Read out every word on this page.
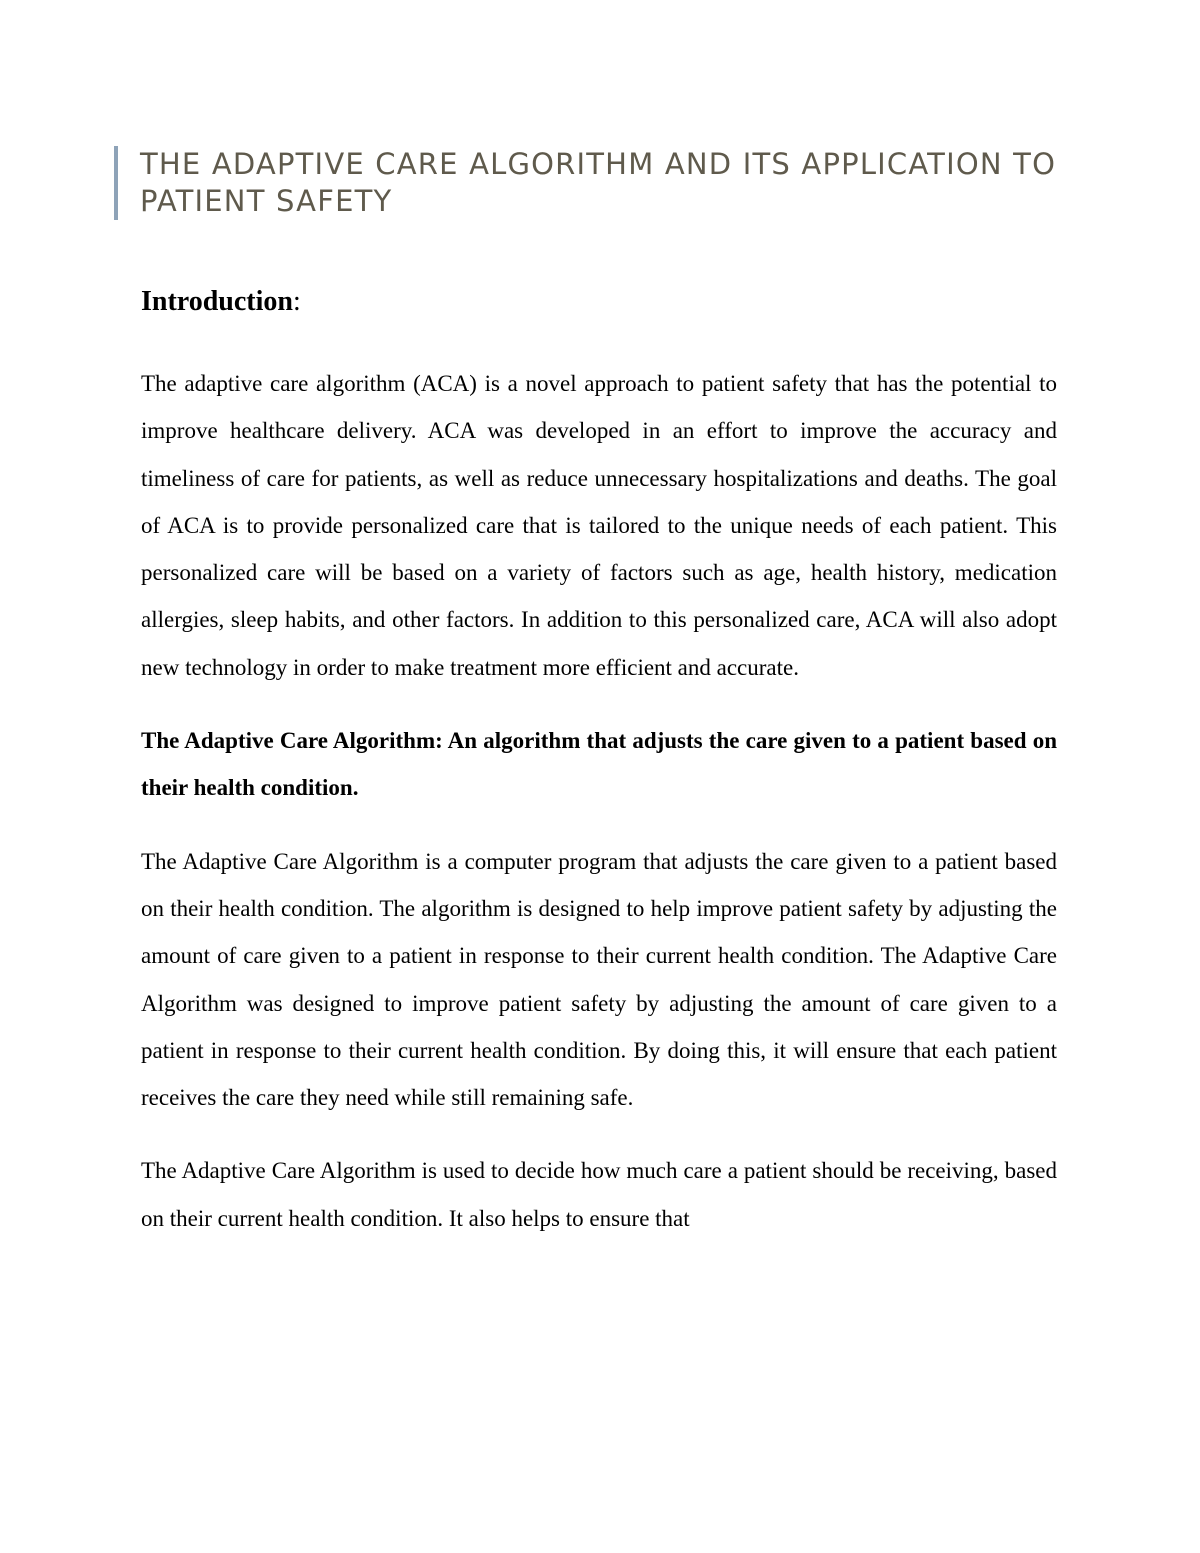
THE ADAPTIVE CARE ALGORITHM AND ITS APPLICATION TO PATIENT SAFETY
Introduction:

The adaptive care algorithm (ACA) is a novel approach to patient safety that has the potential to improve healthcare delivery. ACA was developed in an effort to improve the accuracy and timeliness of care for patients, as well as reduce unnecessary hospitalizations and deaths. The goal of ACA is to provide personalized care that is tailored to the unique needs of each patient. This personalized care will be based on a variety of factors such as age, health history, medication allergies, sleep habits, and other factors. In addition to this personalized care, ACA will also adopt new technology in order to make treatment more efficient and accurate.

The Adaptive Care Algorithm: An algorithm that adjusts the care given to a patient based on their health condition.

The Adaptive Care Algorithm is a computer program that adjusts the care given to a patient based on their health condition. The algorithm is designed to help improve patient safety by adjusting the amount of care given to a patient in response to their current health condition. The Adaptive Care Algorithm was designed to improve patient safety by adjusting the amount of care given to a patient in response to their current health condition. By doing this, it will ensure that each patient receives the care they need while still remaining safe.

The Adaptive Care Algorithm is used to decide how much care a patient should be receiving, based on their current health condition. It also helps to ensure that
